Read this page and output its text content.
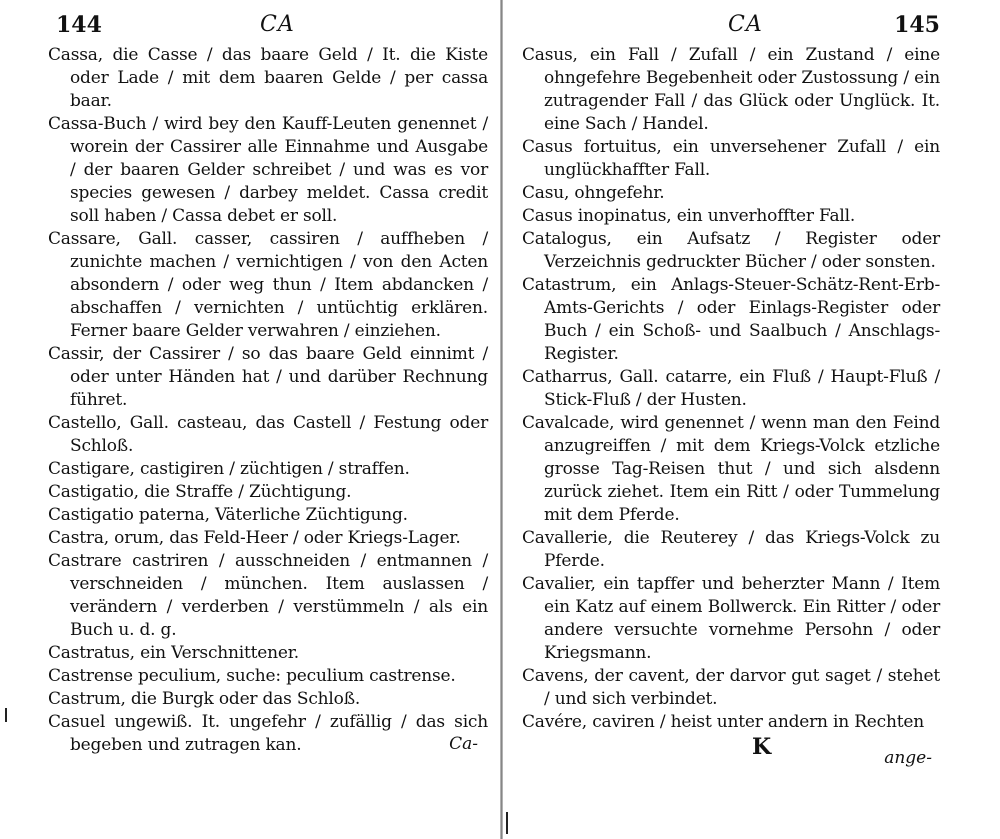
144	CA

Cassa, die Casse / das baare Geld / It. die Kiste oder Lade / mit dem baaren Gelde / per cassa baar.

Cassa-Buch / wird bey den Kauff-Leuten genennet / worein der Cassirer alle Einnahme und Ausgabe / der baaren Gelder schreibet / und was es vor species gewesen / darbey meldet. Cassa credit soll haben / Cassa debet er soll.

Cassare, Gall. casser, cassiren / auffheben / zunichte machen / vernichtigen / von den Acten absondern / oder weg thun / Item abdancken / abschaffen / vernichten / untüchtig erklären. Ferner baare Gelder verwahren / einziehen.

Cassir, der Cassirer / so das baare Geld einnimt / oder unter Händen hat / und darüber Rechnung führet.

Castello, Gall. casteau, das Castell / Festung oder Schloß.

Castigare, castigiren / züchtigen / straffen.

Castigatio, die Straffe / Züchtigung.

Castigatio paterna, Väterliche Züchtigung.

Castra, orum, das Feld-Heer / oder Kriegs-Lager.

Castrare castriren / ausschneiden / entmannen / verschneiden / münchen. Item auslassen / verändern / verderben / verstümmeln / als ein Buch u. d. g.

Castratus, ein Verschnittener.

Castrense peculium, suche: peculium castrense.

Castrum, die Burgk oder das Schloß.

Casuel ungewiß. It. ungefehr / zufällig / das sich begeben und zutragen kan.	Ca-
CA	145

Casus, ein Fall / Zufall / ein Zustand / eine ohngefehre Begebenheit oder Zustossung / ein zutragender Fall / das Glück oder Unglück. It. eine Sach / Handel.

Casus fortuitus, ein unversehener Zufall / ein unglückhaffter Fall.

Casu, ohngefehr.

Casus inopinatus, ein unverhoffter Fall.

Catalogus, ein Aufsatz / Register oder Verzeichnis gedruckter Bücher / oder sonsten.

Catastrum, ein Anlags-Steuer-Schätz-Rent-Erb-Amts-Gerichts / oder Einlags-Register oder Buch / ein Schoß- und Saalbuch / Anschlags-Register.

Catharrus, Gall. catarre, ein Fluß / Haupt-Fluß / Stick-Fluß / der Husten.

Cavalcade, wird genennet / wenn man den Feind anzugreiffen / mit dem Kriegs-Volck etzliche grosse Tag-Reisen thut / und sich alsdenn zurück ziehet. Item ein Ritt / oder Tummelung mit dem Pferde.

Cavallerie, die Reuterey / das Kriegs-Volck zu Pferde.

Cavalier, ein tapffer und beherzter Mann / Item ein Katz auf einem Bollwerck. Ein Ritter / oder andere versuchte vornehme Persohn / oder Kriegsmann.

Cavens, der cavent, der darvor gut saget / stehet / und sich verbindet.

Cavére, caviren / heist unter andern in Rechten

K	ange-
